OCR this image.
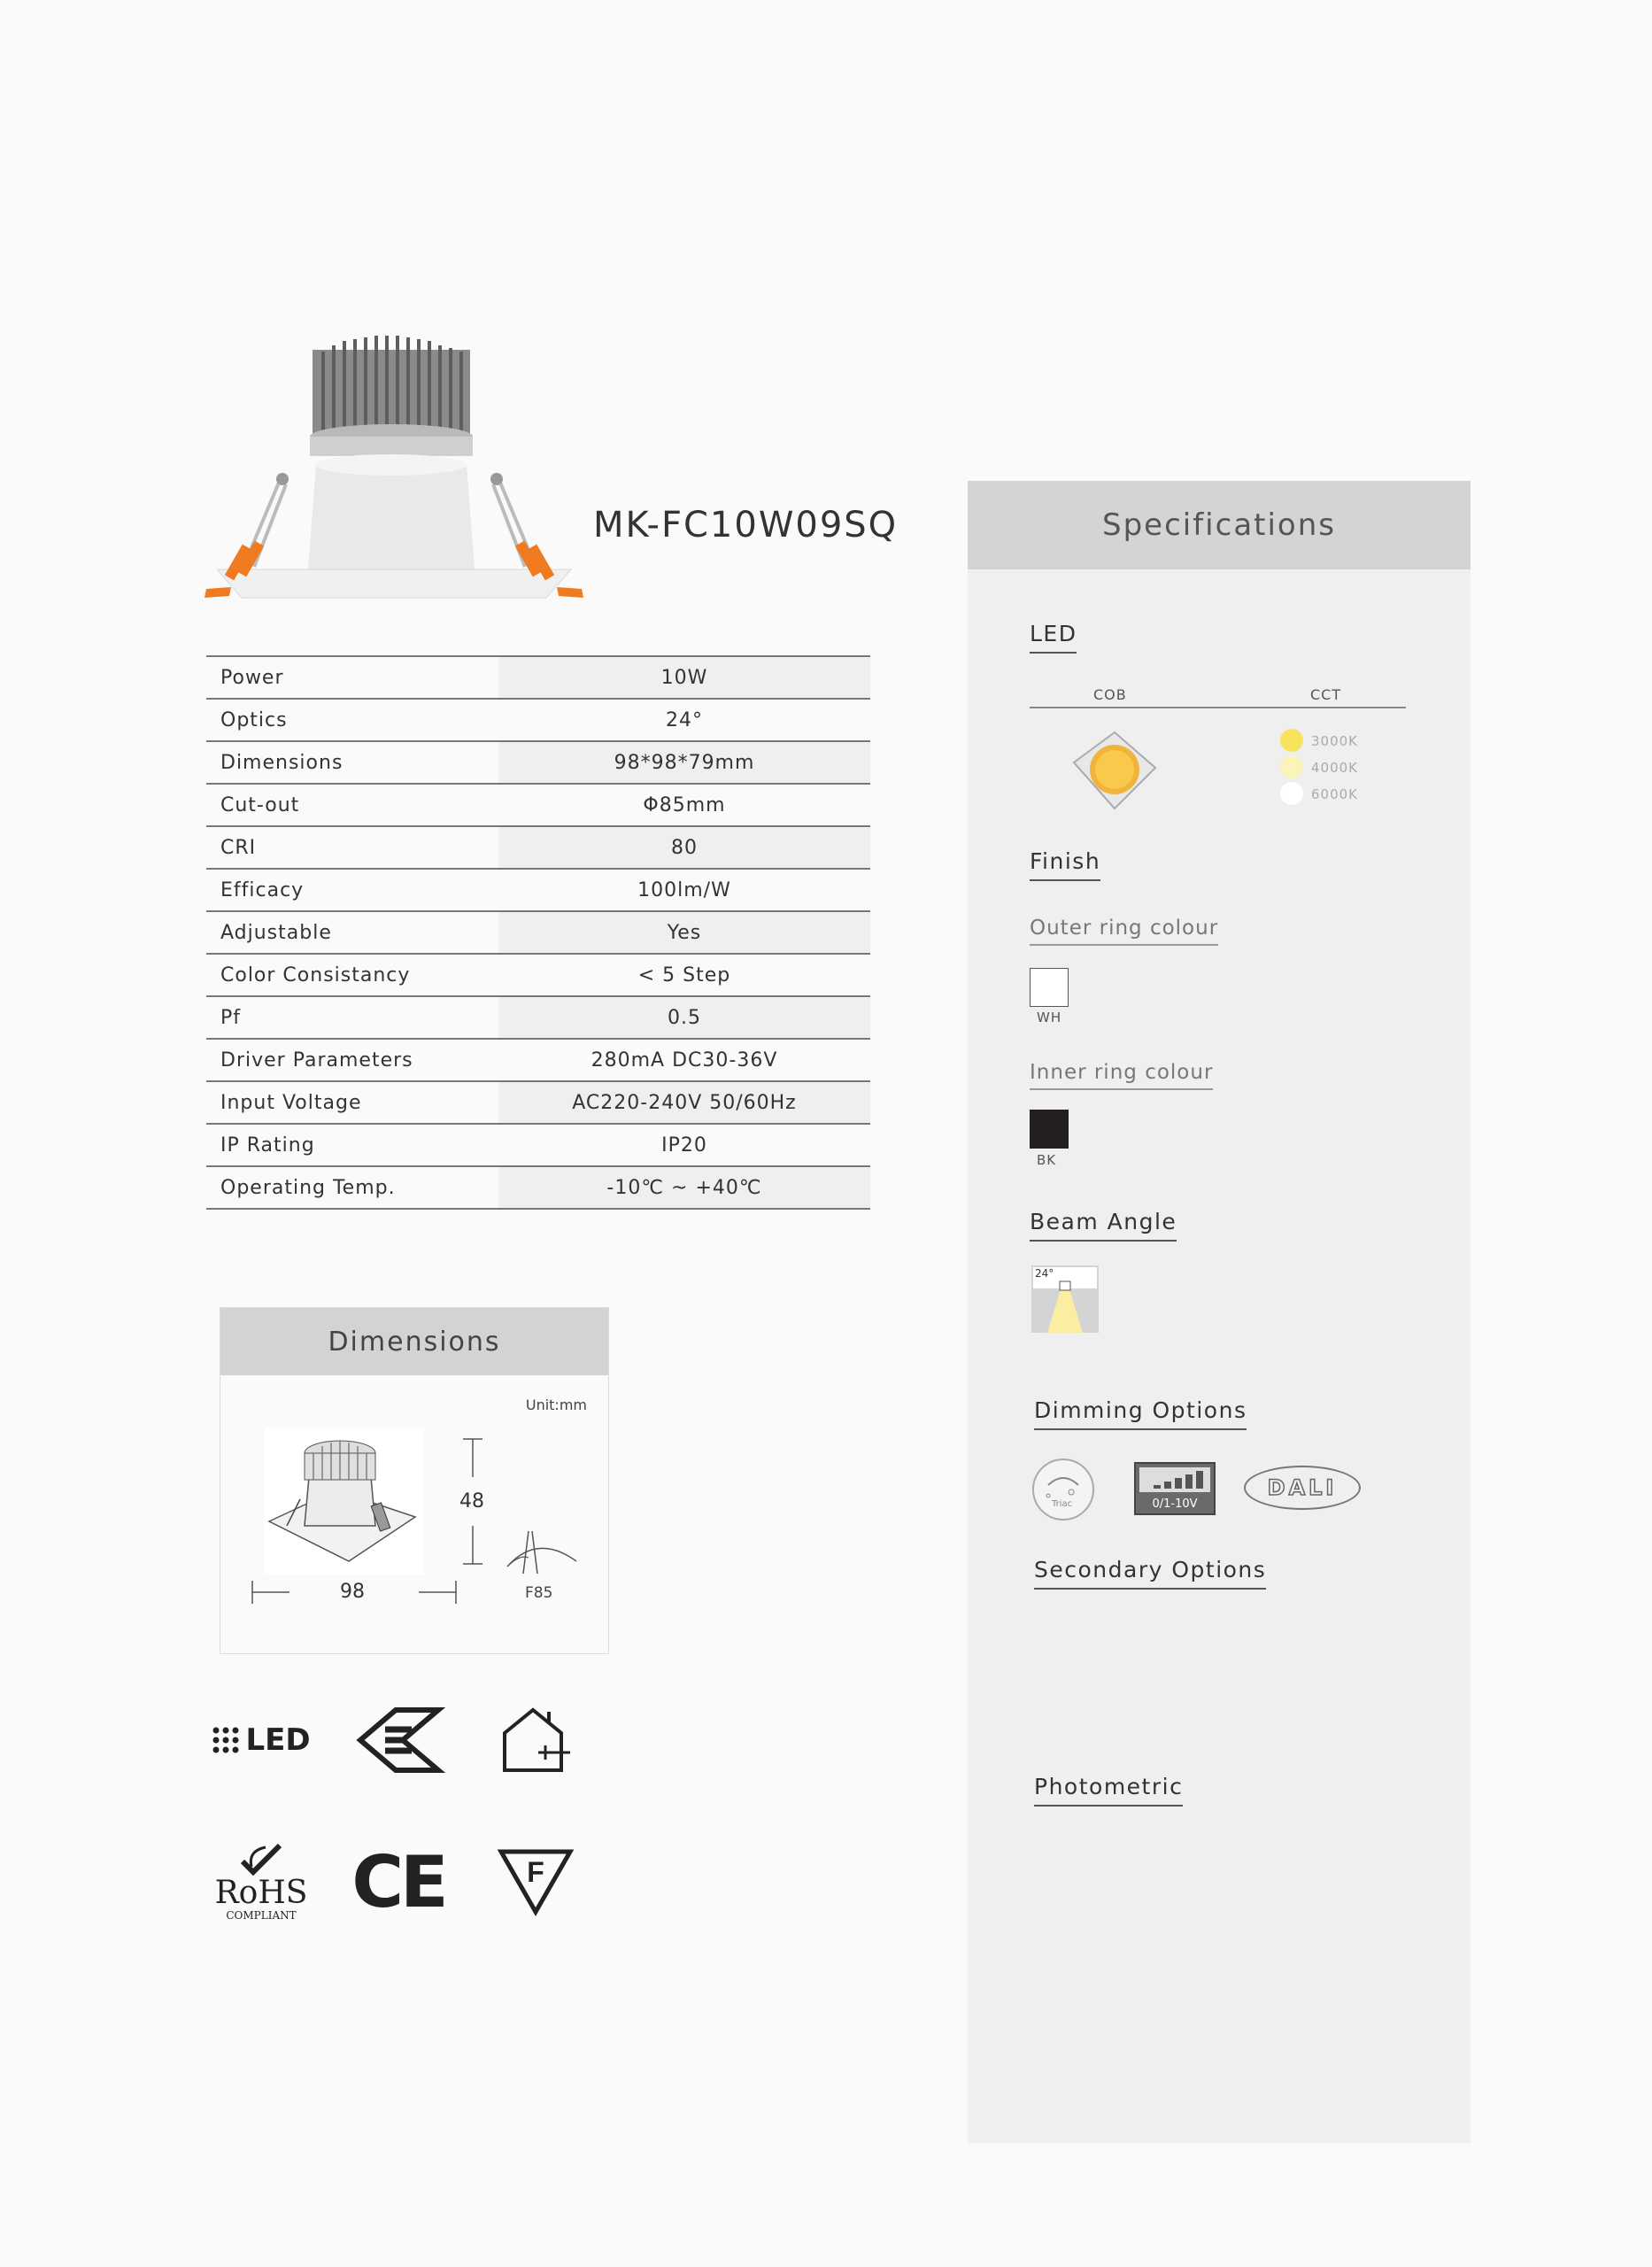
MK-FC10W09SQ
Power	10W
Optics	24°
Dimensions	98*98*79mm
Cut-out	Φ85mm
CRI	80
Efficacy	100lm/W
Adjustable	Yes
Color Consistancy	< 5 Step
Pf	0.5
Driver Parameters	280mA DC30-36V
Input Voltage	AC220-240V 50/60Hz
IP Rating	IP20
Operating Temp.	-10℃ ~ +40℃
Dimensions
Unit:mm
48
98	F85
LED
RoHS
COMPLIANT CE	F
Specifications
LED
COB	CCT
3000K
4000K
6000K
Finish
Outer ring colour
WH
Inner ring colour
BK
Beam Angle
24°
Dimming Options
Triac	0/1-10V
DALI
Secondary Options
Photometric
